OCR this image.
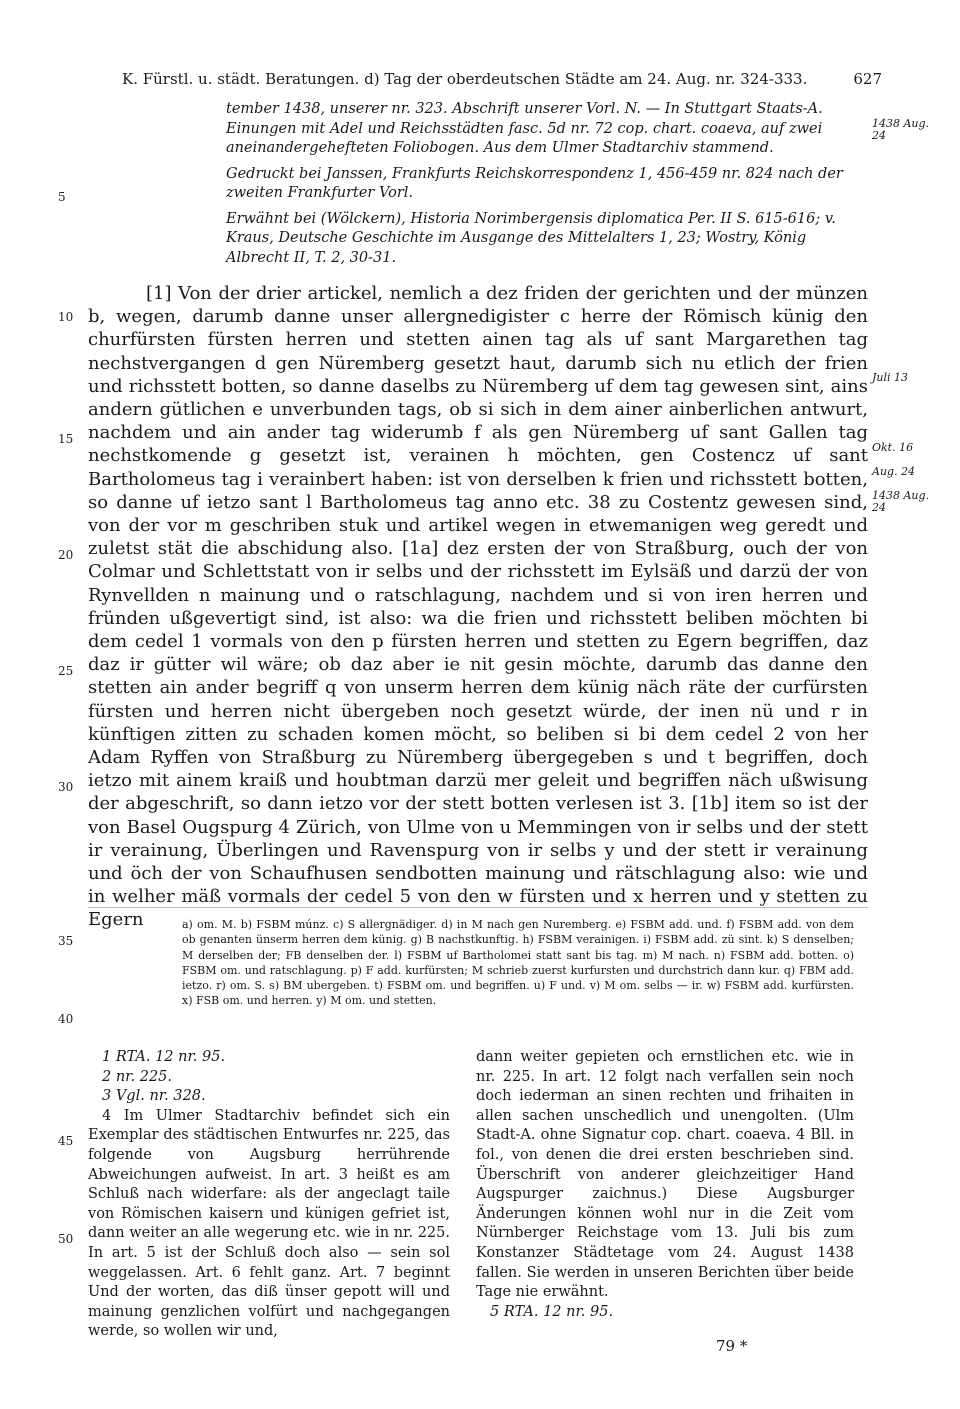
K. Fürstl. u. städt. Beratungen. d) Tag der oberdeutschen Städte am 24. Aug. nr. 324-333.	627

tember 1438, unserer nr. 323. Abschrift unserer Vorl. N. — In Stuttgart Staats-A. Einungen mit Adel und Reichsstädten fasc. 5d nr. 72 cop. chart. coaeva, auf zwei aneinandergehefteten Foliobogen. Aus dem Ulmer Stadtarchiv stammend.

Gedruckt bei Janssen, Frankfurts Reichskorrespondenz 1, 456-459 nr. 824 nach der zweiten Frankfurter Vorl.

Erwähnt bei (Wölckern), Historia Norimbergensis diplomatica Per. II S. 615-616; v. Kraus, Deutsche Geschichte im Ausgange des Mittelalters 1, 23; Wostry, König Albrecht II, T. 2, 30-31.

1438 Aug. 24
Juli 13
Okt. 16
Aug. 24
1438 Aug. 24
5
10
15
20
25
30
35
40
45
50

[1] Von der drier artickel, nemlich a dez friden der gerichten und der münzen b, wegen, darumb danne unser allergnedigister c herre der Römisch künig den churfürsten fürsten herren und stetten ainen tag als uf sant Margarethen tag nechstvergangen d gen Nüremberg gesetzt haut, darumb sich nu etlich der frien und richsstett botten, so danne daselbs zu Nüremberg uf dem tag gewesen sint, ains andern gütlichen e unverbunden tags, ob si sich in dem ainer ainberlichen antwurt, nachdem und ain ander tag widerumb f als gen Nüremberg uf sant Gallen tag nechstkomende g gesetzt ist, verainen h möchten, gen Costencz uf sant Bartholomeus tag i verainbert haben: ist von derselben k frien und richsstett botten, so danne uf ietzo sant l Bartholomeus tag anno etc. 38 zu Costentz gewesen sind, von der vor m geschriben stuk und artikel wegen in etwemanigen weg geredt und zuletst stät die abschidung also. [1a] dez ersten der von Straßburg, ouch der von Colmar und Schlettstatt von ir selbs und der richsstett im Eylsäß und darzü der von Rynvellden n mainung und o ratschlagung, nachdem und si von iren herren und fründen ußgevertigt sind, ist also: wa die frien und richsstett beliben möchten bi dem cedel 1 vormals von den p fürsten herren und stetten zu Egern begriffen, daz daz ir gütter wil wäre; ob daz aber ie nit gesin möchte, darumb das danne den stetten ain ander begriff q von unserm herren dem künig näch räte der curfürsten fürsten und herren nicht übergeben noch gesetzt würde, der inen nü und r in künftigen zitten zu schaden komen möcht, so beliben si bi dem cedel 2 von her Adam Ryffen von Straßburg zu Nüremberg übergegeben s und t begriffen, doch ietzo mit ainem kraiß und houbtman darzü mer geleit und begriffen näch ußwisung der abgeschrift, so dann ietzo vor der stett botten verlesen ist 3. [1b] item so ist der von Basel Ougspurg 4 Zürich, von Ulme von u Memmingen von ir selbs und der stett ir verainung, Überlingen und Ravenspurg von ir selbs y und der stett ir verainung und öch der von Schaufhusen sendbotten mainung und rätschlagung also: wie und in welher mäß vormals der cedel 5 von den w fürsten und x herren und y stetten zu Egern	a) om. M. b) FSBM múnz. c) S allergnädiger. d) in M nach gen Nuremberg. e) FSBM add. und. f) FSBM add. von dem ob genanten ünserm herren dem künig. g) B nachstkunftig. h) FSBM verainigen. i) FSBM add. zü sint. k) S denselben; M derselben der; FB denselben der. l) FSBM uf Bartholomei statt sant bis tag. m) M nach. n) FSBM add. botten. o) FSBM om. und ratschlagung. p) F add. kurfürsten; M schrieb zuerst kurfursten und durchstrich dann kur. q) FBM add. ietzo. r) om. S. s) BM ubergeben. t) FSBM om. und begriffen. u) F und. v) M om. selbs — ir. w) FSBM add. kurfürsten. x) FSB om. und herren. y) M om. und stetten.

1 RTA. 12 nr. 95.

2 nr. 225.

3 Vgl. nr. 328.

4 Im Ulmer Stadtarchiv befindet sich ein Exemplar des städtischen Entwurfes nr. 225, das folgende von Augsburg herrührende Abweichungen aufweist. In art. 3 heißt es am Schluß nach widerfare: als der angeclagt taile von Römischen kaisern und künigen gefriet ist, dann weiter an alle wegerung etc. wie in nr. 225. In art. 5 ist der Schluß doch also — sein sol weggelassen. Art. 6 fehlt ganz. Art. 7 beginnt Und der worten, das diß ünser gepott will und mainung genzlichen volfürt und nachgegangen werde, so wollen wir und,

dann weiter gepieten och ernstlichen etc. wie in nr. 225. In art. 12 folgt nach verfallen sein noch doch iederman an sinen rechten und frihaiten in allen sachen unschedlich und unengolten. (Ulm Stadt-A. ohne Signatur cop. chart. coaeva. 4 Bll. in fol., von denen die drei ersten beschrieben sind. Überschrift von anderer gleichzeitiger Hand Augspurger zaichnus.) Diese Augsburger Änderungen können wohl nur in die Zeit vom Nürnberger Reichstage vom 13. Juli bis zum Konstanzer Städtetage vom 24. August 1438 fallen. Sie werden in unseren Berichten über beide Tage nie erwähnt.

5 RTA. 12 nr. 95.

79 *
